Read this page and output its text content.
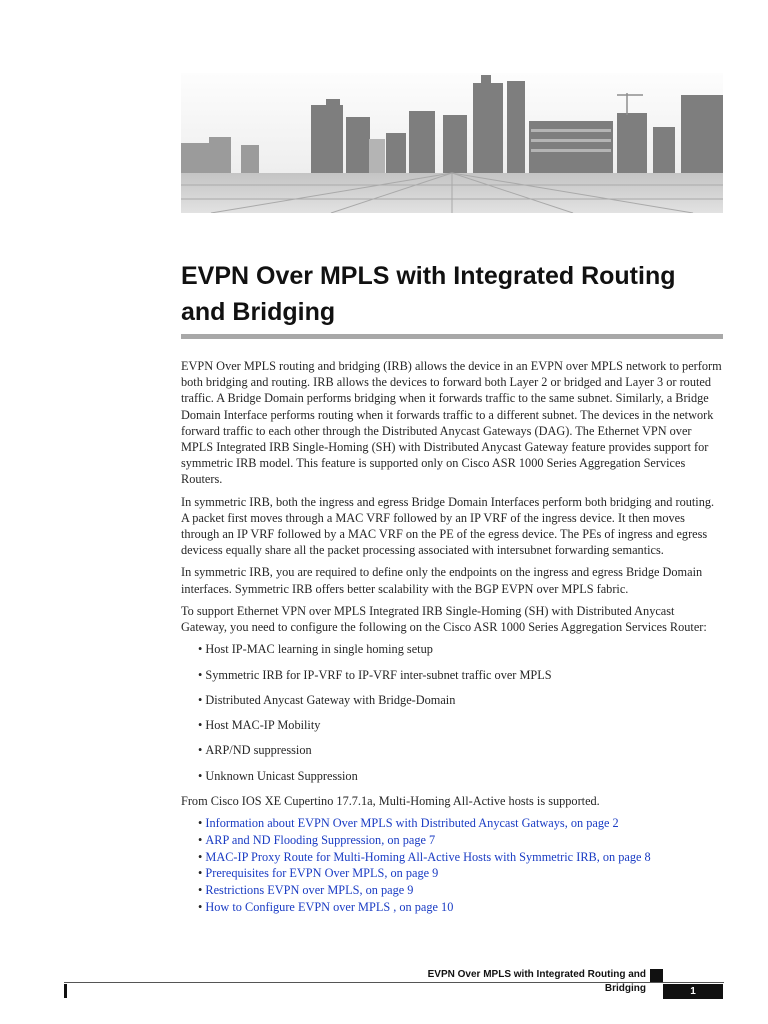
EVPN Over MPLS with Integrated Routing and Bridging

EVPN Over MPLS routing and bridging (IRB) allows the device in an EVPN over MPLS network to perform both bridging and routing. IRB allows the devices to forward both Layer 2 or bridged and Layer 3 or routed traffic. A Bridge Domain performs bridging when it forwards traffic to the same subnet. Similarly, a Bridge Domain Interface performs routing when it forwards traffic to a different subnet. The devices in the network forward traffic to each other through the Distributed Anycast Gateways (DAG). The Ethernet VPN over MPLS Integrated IRB Single-Homing (SH) with Distributed Anycast Gateway feature provides support for symmetric IRB model. This feature is supported only on Cisco ASR 1000 Series Aggregation Services Routers.

In symmetric IRB, both the ingress and egress Bridge Domain Interfaces perform both bridging and routing. A packet first moves through a MAC VRF followed by an IP VRF of the ingress device. It then moves through an IP VRF followed by a MAC VRF on the PE of the egress device. The PEs of ingress and egress devicess equally share all the packet processing associated with intersubnet forwarding semantics.

In symmetric IRB, you are required to define only the endpoints on the ingress and egress Bridge Domain interfaces. Symmetric IRB offers better scalability with the BGP EVPN over MPLS fabric.

To support Ethernet VPN over MPLS Integrated IRB Single-Homing (SH) with Distributed Anycast Gateway, you need to configure the following on the Cisco ASR 1000 Series Aggregation Services Router:

• Host IP-MAC learning in single homing setup
• Symmetric IRB for IP-VRF to IP-VRF inter-subnet traffic over MPLS
• Distributed Anycast Gateway with Bridge-Domain
• Host MAC-IP Mobility
• ARP/ND suppression
• Unknown Unicast Suppression

From Cisco IOS XE Cupertino 17.7.1a, Multi-Homing All-Active hosts is supported.

• Information about EVPN Over MPLS with Distributed Anycast Gatways, on page 2
• ARP and ND Flooding Suppression, on page 7
• MAC-IP Proxy Route for Multi-Homing All-Active Hosts with Symmetric IRB, on page 8
• Prerequisites for EVPN Over MPLS, on page 9
• Restrictions EVPN over MPLS, on page 9
• How to Configure EVPN over MPLS , on page 10
EVPN Over MPLS with Integrated Routing and Bridging	1
